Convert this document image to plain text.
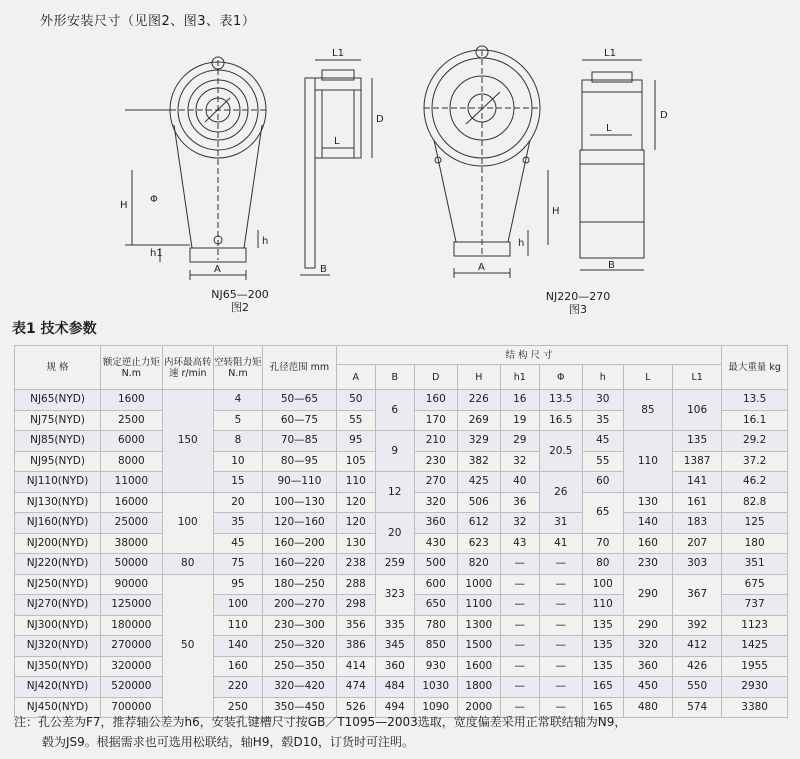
外形安装尺寸（见图2、图3、表1）
H
Φ
h1
h
A	B
L1
L
D
H
h
A	B
L1
L
D
NJ65—200
图2
NJ220—270
图3
表1 技术参数
规 格	额定逆止力矩 N.m	内环最高转速 r/min	空转阻力矩 N.m	孔径范围 mm	结 构 尺 寸									最大重量 kg
					A	B	D	H	h1	Φ	h	L	L1	
NJ65(NYD)	1600	150	4	50—65	50	6	160	226	16	13.5	30	85	106	13.5
NJ75(NYD)	2500		5	60—75	55		170	269	19	16.5	35			16.1
NJ85(NYD)	6000		8	70—85	95	9	210	329	29	20.5	45	110	135	29.2
NJ95(NYD)	8000		10	80—95	105		230	382	32		55		1387	37.2
NJ110(NYD)	11000		15	90—110	110	12	270	425	40	26	60		141	46.2
NJ130(NYD)	16000	100	20	100—130	120		320	506	36		65	130	161	82.8
NJ160(NYD)	25000		35	120—160	120	20	360	612	32	31		140	183	125
NJ200(NYD)	38000		45	160—200	130		430	623	43	41	70	160	207	180
NJ220(NYD)	50000	80	75	160—220	238	259	500	820	—	—	80	230	303	351
NJ250(NYD)	90000	50	95	180—250	288	323	600	1000	—	—	100	290	367	675
NJ270(NYD)	125000		100	200—270	298		650	1100	—	—	110			737
NJ300(NYD)	180000		110	230—300	356	335	780	1300	—	—	135	290	392	1123
NJ320(NYD)	270000		140	250—320	386	345	850	1500	—	—	135	320	412	1425
NJ350(NYD)	320000		160	250—350	414	360	930	1600	—	—	135	360	426	1955
NJ420(NYD)	520000		220	320—420	474	484	1030	1800	—	—	165	450	550	2930
NJ450(NYD)	700000		250	350—450	526	494	1090	2000	—	—	165	480	574	3380
注：孔公差为F7，推荐轴公差为h6，安装孔键槽尺寸按GB／T1095—2003选取，宽度偏差采用正常联结轴为N9，
毂为JS9。根据需求也可选用松联结，轴H9，毂D10，订货时可注明。
